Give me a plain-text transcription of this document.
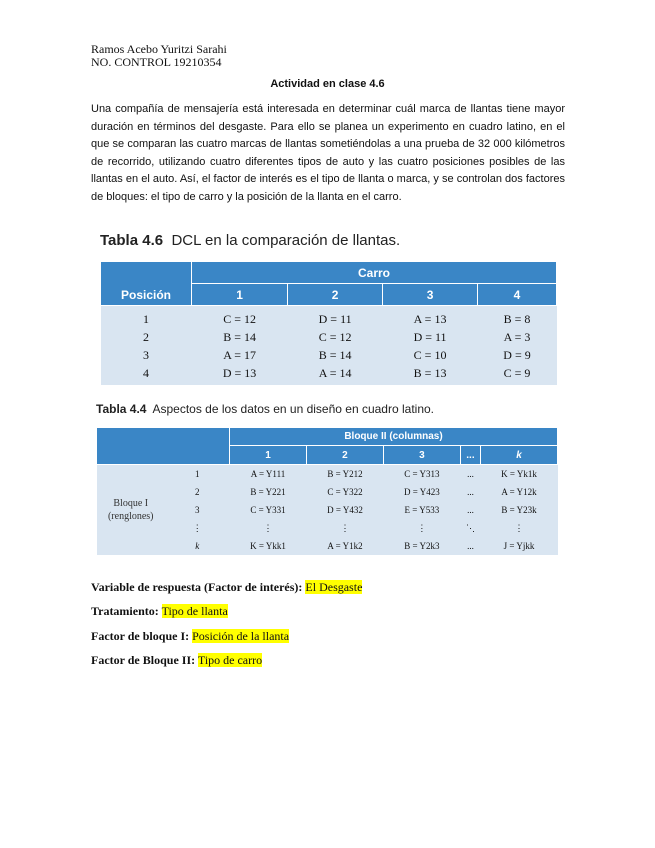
Ramos Acebo Yuritzi Sarahi
NO. CONTROL 19210354
Actividad en clase 4.6
Una compañía de mensajería está interesada en determinar cuál marca de llantas tiene mayor duración en términos del desgaste. Para ello se planea un experimento en cuadro latino, en el que se comparan las cuatro marcas de llantas sometiéndolas a una prueba de 32 000 kilómetros de recorrido, utilizando cuatro diferentes tipos de auto y las cuatro posiciones posibles de las llantas en el auto. Así, el factor de interés es el tipo de llanta o marca, y se controlan dos factores de bloques: el tipo de carro y la posición de la llanta en el carro.
Tabla 4.6 DCL en la comparación de llantas.
Posición	Carro			
	1	2	3	4
1	C = 12	D = 11	A = 13	B = 8
2	B = 14	C = 12	D = 11	A = 3
3	A = 17	B = 14	C = 10	D = 9
4	D = 13	A = 14	B = 13	C = 9
Tabla 4.4 Aspectos de los datos en un diseño en cuadro latino.
		Bloque II (columnas)				
		1	2	3	...	k
Bloque I
(renglones)	1	A = Y111	B = Y212	C = Y313	...	K = Yk1k
	2	B = Y221	C = Y322	D = Y423	...	A = Y12k
	3	C = Y331	D = Y432	E = Y533	...	B = Y23k
	⋮	⋮	⋮	⋮	⋱	⋮
	k	K = Ykk1	A = Y1k2	B = Y2k3	...	J = Yjkk
Variable de respuesta (Factor de interés): El Desgaste
Tratamiento: Tipo de llanta
Factor de bloque I: Posición de la llanta
Factor de Bloque II: Tipo de carro
